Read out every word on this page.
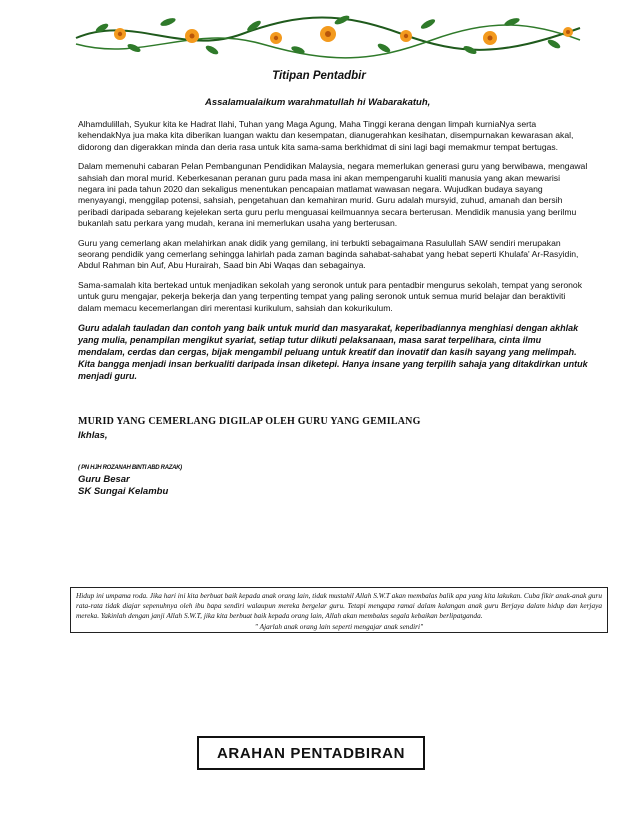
Titipan Pentadbir
Assalamualaikum warahmatullah hi Wabarakatuh,

Alhamdulillah, Syukur kita ke Hadrat Ilahi, Tuhan yang Maga Agung, Maha Tinggi kerana dengan limpah kurniaNya serta kehendakNya jua maka kita diberikan luangan waktu dan kesempatan, dianugerahkan kesihatan, disempurnakan kewarasan akal, didorong dan digerakkan minda dan deria rasa untuk kita sama-sama berkhidmat di sini lagi bagi memakmur tempat bertugas.

Dalam memenuhi cabaran Pelan Pembangunan Pendidikan Malaysia, negara memerlukan generasi guru yang berwibawa, mengawal sahsiah dan moral murid. Keberkesanan peranan guru pada masa ini akan mempengaruhi kualiti manusia yang akan mewarisi negara ini pada tahun 2020 dan sekaligus menentukan pencapaian matlamat wawasan negara. Wujudkan budaya sayang menyayangi, menggilap potensi, sahsiah, pengetahuan dan kemahiran murid. Guru adalah mursyid, zuhud, amanah dan bersih peribadi daripada sebarang kejelekan serta guru perlu menguasai keilmuannya secara berterusan. Mendidik manusia yang berilmu bukanlah satu perkara yang mudah, kerana ini memerlukan usaha yang berterusan.

Guru yang cemerlang akan melahirkan anak didik yang gemilang, ini terbukti sebagaimana Rasulullah SAW sendiri merupakan seorang pendidik yang cemerlang sehingga lahirlah pada zaman baginda sahabat-sahabat yang hebat seperti Khulafa' Ar-Rasyidin, Abdul Rahman bin Auf, Abu Hurairah, Saad bin Abi Waqas dan sebagainya.

Sama-samalah kita bertekad untuk menjadikan sekolah yang seronok untuk para pentadbir mengurus sekolah, tempat yang seronok untuk guru mengajar, pekerja bekerja dan yang terpenting tempat yang paling seronok untuk semua murid belajar dan beraktiviti dalam memacu kecemerlangan diri merentasi kurikulum, sahsiah dan kokurikulum.

Guru adalah tauladan dan contoh yang baik untuk murid dan masyarakat, keperibadiannya menghiasi dengan akhlak yang mulia, penampilan mengikut syariat, setiap tutur diikuti pelaksanaan, masa sarat terpelihara, cinta ilmu mendalam, cerdas dan cergas, bijak mengambil peluang untuk kreatif dan inovatif dan kasih sayang yang melimpah. Kita bangga menjadi insan berkualiti daripada insan diketepi. Hanya insane yang terpilih sahaja yang ditakdirkan untuk menjadi guru.

MURID YANG CEMERLANG DIGILAP OLEH GURU YANG GEMILANG
Ikhlas,
( PN HJH ROZANAH BINTI ABD RAZAK)
Guru Besar
SK Sungai Kelambu
Hidup ini umpama roda. Jika hari ini kita berbuat baik kepada anak orang lain, tidak mustahil Allah S.W.T akan membalas balik apa yang kita lakukan. Cuba fikir anak-anak guru rata-rata tidak diajar sepenuhnya oleh ibu bapa sendiri walaupun mereka bergelar guru. Tetapi mengapa ramai dalam kalangan anak guru Berjaya dalam hidup dan kerjaya mereka. Yakinlah dengan janji Allah S.W.T, jika kita berbuat baik kepada orang lain, Allah akan membalas segala kebaikan berlipatganda.
" Ajarlah anak orang lain seperti mengajar anak sendiri"
ARAHAN PENTADBIRAN
